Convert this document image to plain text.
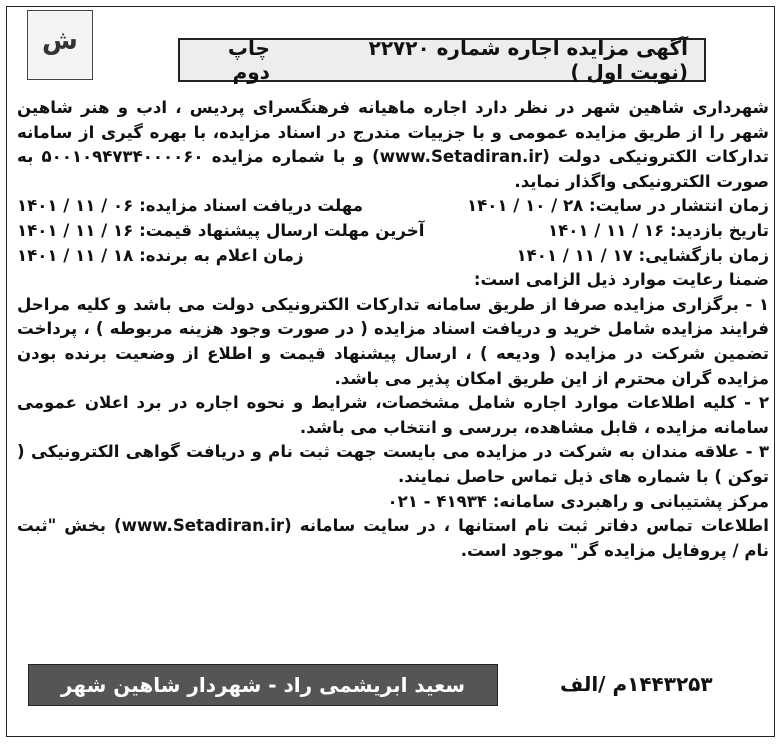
ﺵ
	آگهی مزایده اجاره شماره ۲۲۷۲۰ (نوبت اول )
چاپ دوم

شهرداری شاهین شهر در نظر دارد اجاره ماهیانه فرهنگسرای پردیس ، ادب و هنر شاهین شهر را از طریق مزایده عمومی و با جزییات مندرج در اسناد مزایده، با بهره گیری از سامانه تدارکات الکترونیکی دولت (www.Setadiran.ir) و با شماره مزایده ۵۰۰۱۰۹۴۷۳۴۰۰۰۰۶۰ به صورت الکترونیکی واگذار نماید.

زمان انتشار در سایت: ۲۸ / ۱۰ / ۱۴۰۱
مهلت دریافت اسناد مزایده: ۰۶ / ۱۱ / ۱۴۰۱
تاریخ بازدید: ۱۶ / ۱۱ / ۱۴۰۱
آخرین مهلت ارسال پیشنهاد قیمت: ۱۶ / ۱۱ / ۱۴۰۱
زمان بازگشایی: ۱۷ / ۱۱ / ۱۴۰۱
زمان اعلام به برنده: ۱۸ / ۱۱ / ۱۴۰۱

ضمنا رعایت موارد ذیل الزامی است:

۱ - برگزاری مزایده صرفا از طریق سامانه تدارکات الکترونیکی دولت می باشد و کلیه مراحل فرایند مزایده شامل خرید و دریافت اسناد مزایده ( در صورت وجود هزینه مربوطه ) ، پرداخت تضمین شرکت در مزایده ( ودیعه ) ، ارسال پیشنهاد قیمت و اطلاع از وضعیت برنده بودن مزایده گران محترم از این طریق امکان پذیر می باشد.

۲ - کلیه اطلاعات موارد اجاره شامل مشخصات، شرایط و نحوه اجاره در برد اعلان عمومی سامانه مزایده ، قابل مشاهده، بررسی و انتخاب می باشد.

۳ - علاقه مندان به شرکت در مزایده می بایست جهت ثبت نام و دریافت گواهی الکترونیکی ( توکن ) با شماره های ذیل تماس حاصل نمایند.

مرکز پشتیبانی و راهبردی سامانه: ۴۱۹۳۴ - ۰۲۱

اطلاعات تماس دفاتر ثبت نام استانها ، در سایت سامانه (www.Setadiran.ir) بخش "ثبت نام / پروفایل مزایده گر" موجود است.

۱۴۴۳۲۵۳م /الف
سعید ابریشمی راد - شهردار شاهین شهر
